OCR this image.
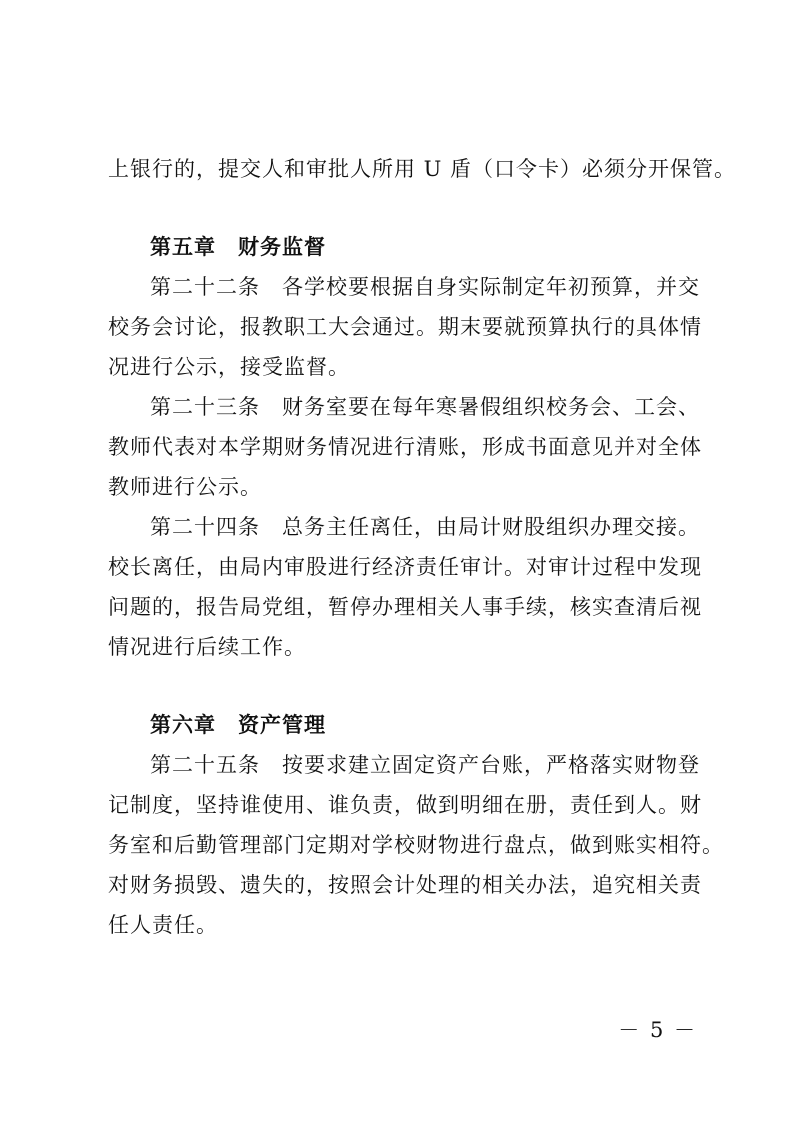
上银行的，提交人和审批人所用 U 盾（口令卡）必须分开保管。
第五章　财务监督
第二十二条　各学校要根据自身实际制定年初预算，并交
校务会讨论，报教职工大会通过。期末要就预算执行的具体情
况进行公示，接受监督。
第二十三条　财务室要在每年寒暑假组织校务会、工会、
教师代表对本学期财务情况进行清账，形成书面意见并对全体
教师进行公示。
第二十四条　总务主任离任，由局计财股组织办理交接。
校长离任，由局内审股进行经济责任审计。对审计过程中发现
问题的，报告局党组，暂停办理相关人事手续，核实查清后视
情况进行后续工作。
第六章　资产管理
第二十五条　按要求建立固定资产台账，严格落实财物登
记制度，坚持谁使用、谁负责，做到明细在册，责任到人。财
务室和后勤管理部门定期对学校财物进行盘点，做到账实相符。
对财务损毁、遗失的，按照会计处理的相关办法，追究相关责
任人责任。
－ 5 －
